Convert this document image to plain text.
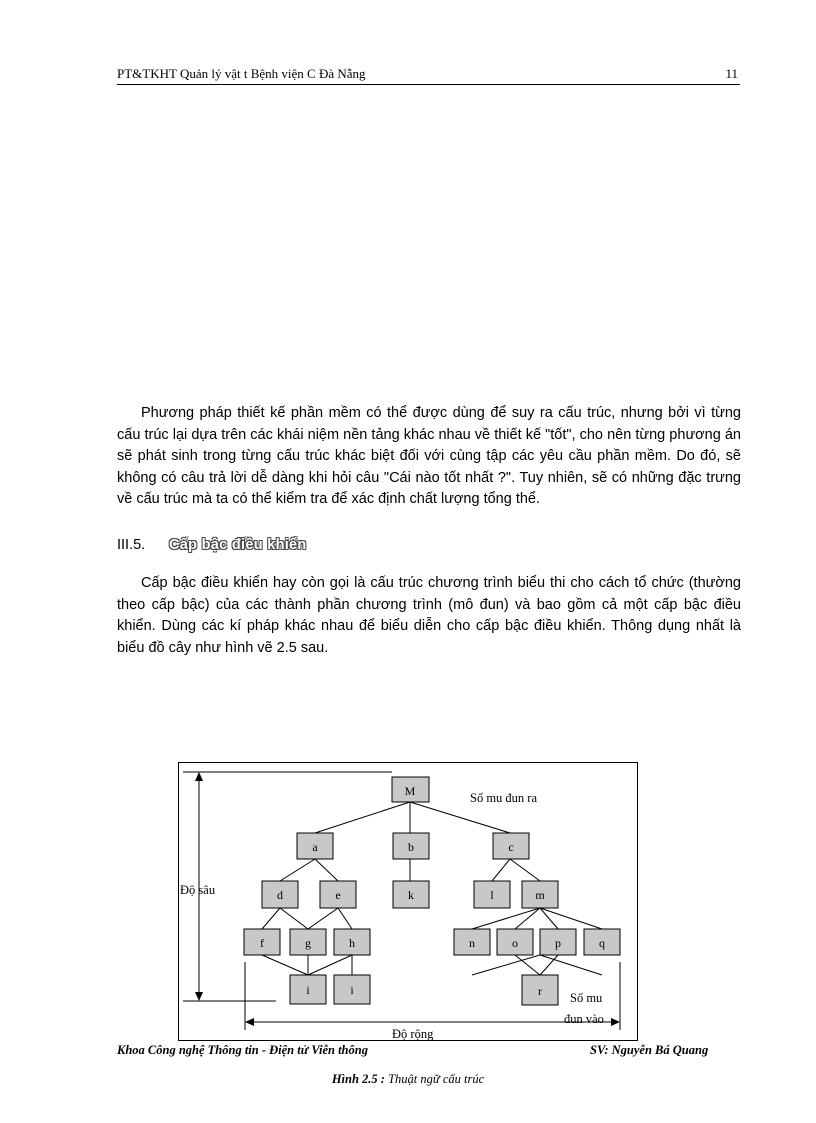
PT&TKHT Quản lý vật t Bệnh viện C Đà Nẵng	11

Phương pháp thiết kế phần mềm có thể được dùng để suy ra cấu trúc, nhưng bởi vì từng cấu trúc lại dựa trên các khái niệm nền tảng khác nhau về thiết kế "tốt", cho nên từng phương án sẽ phát sinh trong từng cấu trúc khác biệt đối với cùng tập các yêu cầu phần mềm. Do đó, sẽ không có câu trả lời dễ dàng khi hỏi câu "Cái nào tốt nhất ?". Tuy nhiên, sẽ có những đặc trưng về cấu trúc mà ta có thể kiểm tra để xác định chất lượng tổng thể.

III.5. Cấp bậc điều khiển

Cấp bậc điều khiển hay còn gọi là cấu trúc chương trình biểu thi cho cách tổ chức (thường theo cấp bậc) của các thành phần chương trình (mô đun) và bao gồm cả một cấp bậc điều khiển. Dùng các kí pháp khác nhau để biểu diễn cho cấp bậc điều khiển. Thông dụng nhất là biểu đồ cây như hình vẽ 2.5 sau.

M
a	b	c
d	e	k	l	m
f	g	h	n	o	p	q
i	i	r
Số mu đun ra
Độ sâu
Số mu
đun vào
Độ rộng
Khoa Công nghệ Thông tin - Điện tử Viễn thông	SV: Nguyễn Bá Quang
Hình 2.5 : Thuật ngữ cấu trúc
